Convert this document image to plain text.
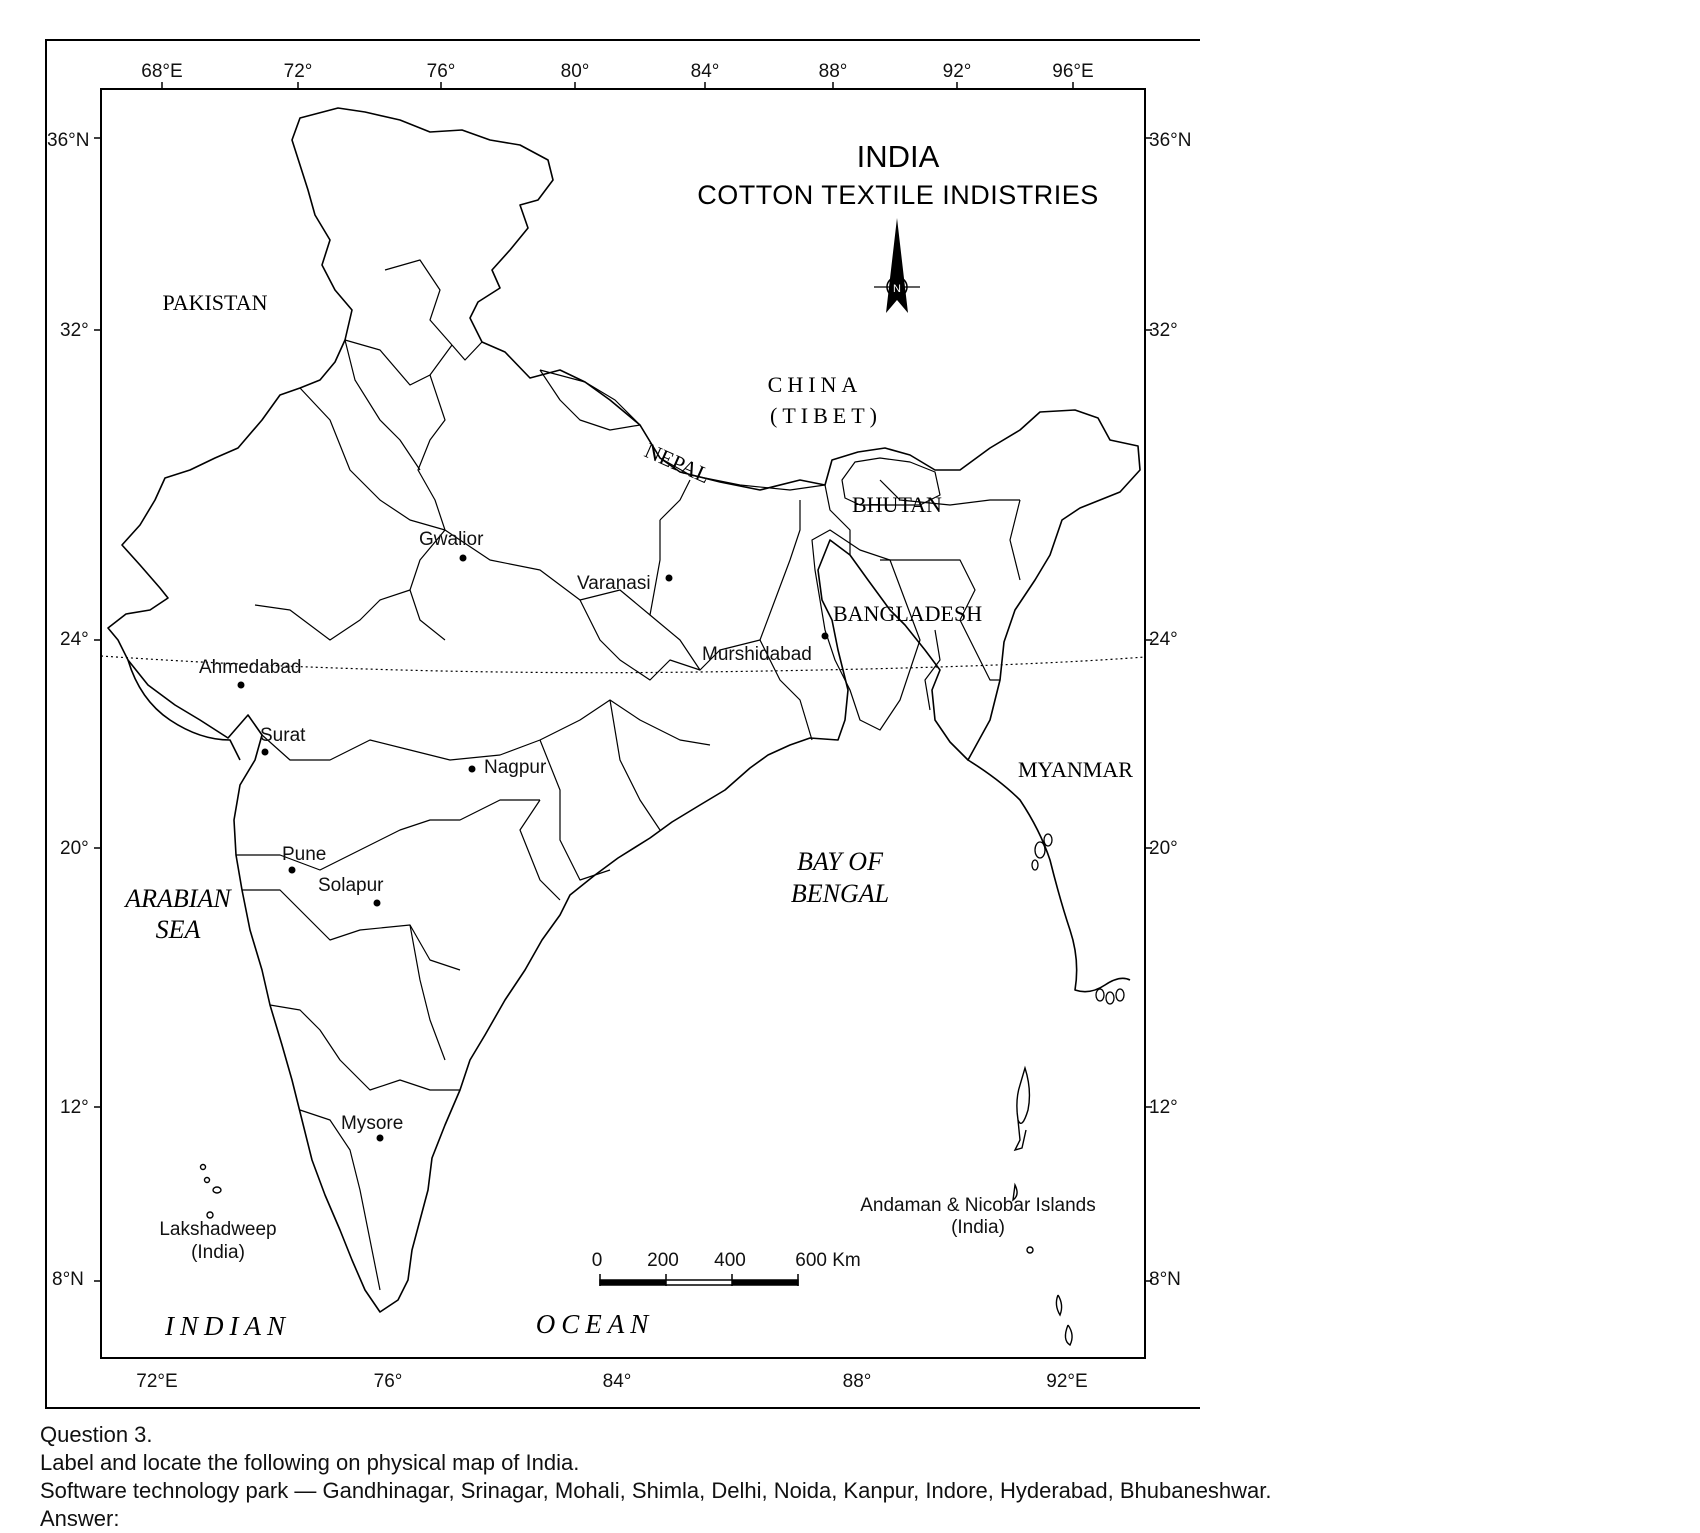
68°E	72°	76°	80°	84°	88°	92°	96°E
72°E	76°	84°	88°	92°E
36°N
32°
24°
20°
12°
8°N
36°N
32°
24°
20°
12°
8°N
INDIA
COTTON TEXTILE INDISTRIES
N
PAKISTAN
CHINA
(TIBET)
NEPAL
BHUTAN
BANGLADESH
MYANMAR
ARABIAN
SEA
BAY OF
BENGAL
INDIAN	OCEAN
Gwalior
Varanasi
Murshidabad
Ahmedabad
Surat
Nagpur
Pune
Solapur
Mysore
Lakshadweep
(India)
Andaman & Nicobar Islands
(India)
0 200 400	600 Km
Question 3.
Label and locate the following on physical map of India.
Software technology park — Gandhinagar, Srinagar, Mohali, Shimla, Delhi, Noida, Kanpur, Indore, Hyderabad, Bhubaneshwar.
Answer:
